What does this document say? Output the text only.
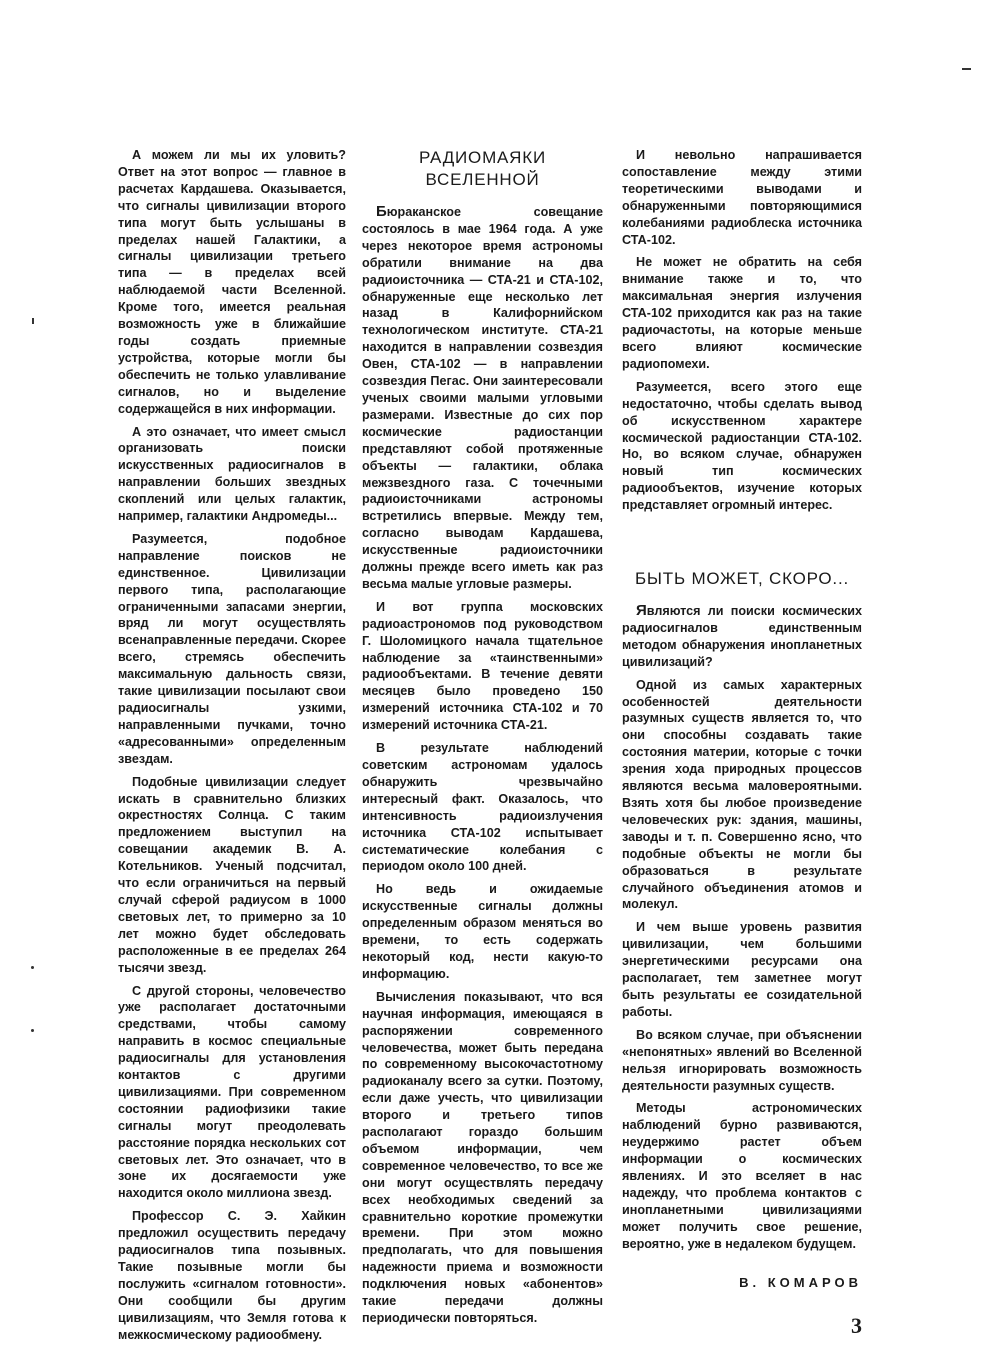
А можем ли мы их уловить? Ответ на этот вопрос — главное в расчетах Кардашева. Оказывается, что сигналы цивилизации второго типа могут быть услышаны в пределах нашей Галактики, а сигналы цивилизации третьего типа — в пределах всей наблюдаемой части Вселенной. Кроме того, имеется реальная возможность уже в ближайшие годы создать приемные устройства, которые могли бы обеспечить не только улавливание сигналов, но и выделение содержащейся в них информации.

А это означает, что имеет смысл организовать поиски искусственных радиосигналов в направлении больших звездных скоплений или целых галактик, например, галактики Андромеды...

Разумеется, подобное направление поисков не единственное. Цивилизации первого типа, располагающие ограниченными запасами энергии, вряд ли могут осуществлять всенаправленные передачи. Скорее всего, стремясь обеспечить максимальную дальность связи, такие цивилизации посылают свои радиосигналы узкими, направленными пучками, точно «адресованными» определенным звездам.

Подобные цивилизации следует искать в сравнительно близких окрестностях Солнца. С таким предложением выступил на совещании академик В. А. Котельников. Ученый подсчитал, что если ограничиться на первый случай сферой радиусом в 1000 световых лет, то примерно за 10 лет можно будет обследовать расположенные в ее пределах 264 тысячи звезд.

С другой стороны, человечество уже располагает достаточными средствами, чтобы самому направить в космос специальные радиосигналы для установления контактов с другими цивилизациями. При современном состоянии радиофизики такие сигналы могут преодолевать расстояние порядка нескольких сот световых лет. Это означает, что в зоне их досягаемости уже находится около миллиона звезд.

Профессор С. Э. Хайкин предложил осуществить передачу радиосигналов типа позывных. Такие позывные могли бы послужить «сигналом готовности». Они сообщили бы другим цивилизациям, что Земля готова к межкосмическому радиообмену.

РАДИОМАЯКИ ВСЕЛЕННОЙ

Бюраканское совещание состоялось в мае 1964 года. А уже через некоторое время астрономы обратили внимание на два радиоисточника — СТА-21 и СТА-102, обнаруженные еще несколько лет назад в Калифорнийском технологическом институте. СТА-21 находится в направлении созвездия Овен, СТА-102 — в направлении созвездия Пегас. Они заинтересовали ученых своими малыми угловыми размерами. Известные до сих пор космические радиостанции представляют собой протяженные объекты — галактики, облака межзвездного газа. С точечными радиоисточниками астрономы встретились впервые. Между тем, согласно выводам Кардашева, искусственные радиоисточники должны прежде всего иметь как раз весьма малые угловые размеры.

И вот группа московских радиоастрономов под руководством Г. Шоломицкого начала тщательное наблюдение за «таинственными» радиообъектами. В течение девяти месяцев было проведено 150 измерений источника СТА-102 и 70 измерений источника СТА-21.

В результате наблюдений советским астрономам удалось обнаружить чрезвычайно интересный факт. Оказалось, что интенсивность радиоизлучения источника СТА-102 испытывает систематические колебания с периодом около 100 дней.

Но ведь и ожидаемые искусственные сигналы должны определенным образом меняться во времени, то есть содержать некоторый код, нести какую-то информацию.

Вычисления показывают, что вся научная информация, имеющаяся в распоряжении современного человечества, может быть передана по современному высокочастотному радиоканалу всего за сутки. Поэтому, если даже учесть, что цивилизации второго и третьего типов располагают гораздо большим объемом информации, чем современное человечество, то все же они могут осуществлять передачу всех необходимых сведений за сравнительно короткие промежутки времени. При этом можно предполагать, что для повышения надежности приема и возможности подключения новых «абонентов» такие передачи должны периодически повторяться.

И невольно напрашивается сопоставление между этими теоретическими выводами и обнаруженными повторяющимися колебаниями радиоблеска источника СТА-102.

Не может не обратить на себя внимание также и то, что максимальная энергия излучения СТА-102 приходится как раз на такие радиочастоты, на которые меньше всего влияют космические радиопомехи.

Разумеется, всего этого еще недостаточно, чтобы сделать вывод об искусственном характере космической радиостанции СТА-102. Но, во всяком случае, обнаружен новый тип космических радиообъектов, изучение которых представляет огромный интерес.

БЫТЬ МОЖЕТ, СКОРО...

Являются ли поиски космических радиосигналов единственным методом обнаружения инопланетных цивилизаций?

Одной из самых характерных особенностей деятельности разумных существ является то, что они способны создавать такие состояния материи, которые с точки зрения хода природных процессов являются весьма маловероятными. Взять хотя бы любое произведение человеческих рук: здания, машины, заводы и т. п. Совершенно ясно, что подобные объекты не могли бы образоваться в результате случайного объединения атомов и молекул.

И чем выше уровень развития цивилизации, чем большими энергетическими ресурсами она располагает, тем заметнее могут быть результаты ее созидательной работы.

Во всяком случае, при объяснении «непонятных» явлений во Вселенной нельзя игнорировать возможность деятельности разумных существ.

Методы астрономических наблюдений бурно развиваются, неудержимо растет объем информации о космических явлениях. И это вселяет в нас надежду, что проблема контактов с инопланетными цивилизациями может получить свое решение, вероятно, уже в недалеком будущем.

В. КОМАРОВ
3
